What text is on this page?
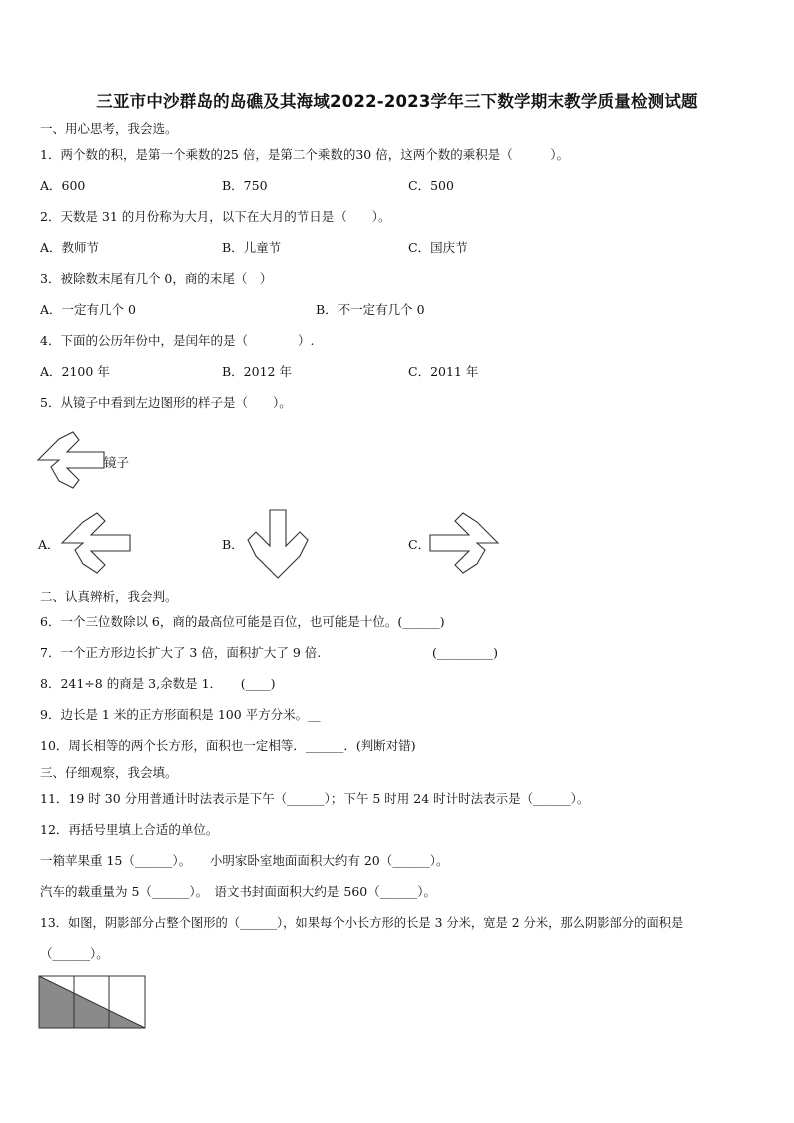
三亚市中沙群岛的岛礁及其海域2022-2023学年三下数学期末教学质量检测试题
一、用心思考，我会选。
1．两个数的积，是第一个乘数的25 倍，是第二个乘数的30 倍，这两个数的乘积是（　　　）。
A．600	B．750	C．500
2．天数是 31 的月份称为大月，以下在大月的节日是（　　）。
A．教师节	B．儿童节	C．国庆节
3．被除数末尾有几个 0，商的末尾（　）
A．一定有几个 0	B．不一定有几个 0
4．下面的公历年份中，是闰年的是（　　　　）.
A．2100 年	B．2012 年	C．2011 年
5．从镜子中看到左边图形的样子是（　　）。
镜子
A．	B．	C．
二、认真辨析，我会判。
6．一个三位数除以 6，商的最高位可能是百位，也可能是十位。(______)
7．一个正方形边长扩大了 3 倍，面积扩大了 9 倍.	(_________)
8．241÷8 的商是 3,余数是 1．　　(____)
9．边长是 1 米的正方形面积是 100 平方分米。__
10．周长相等的两个长方形，面积也一定相等．______．(判断对错)
三、仔细观察，我会填。
11．19 时 30 分用普通计时法表示是下午（______）；下午 5 时用 24 时计时法表示是（______）。
12．再括号里填上合适的单位。
一箱苹果重 15（______）。　　小明家卧室地面面积大约有 20（______）。
汽车的载重量为 5（______）。　语文书封面面积大约是 560（______）。
13．如图，阴影部分占整个图形的（______），如果每个小长方形的长是 3 分米，宽是 2 分米，那么阴影部分的面积是
（______）。
